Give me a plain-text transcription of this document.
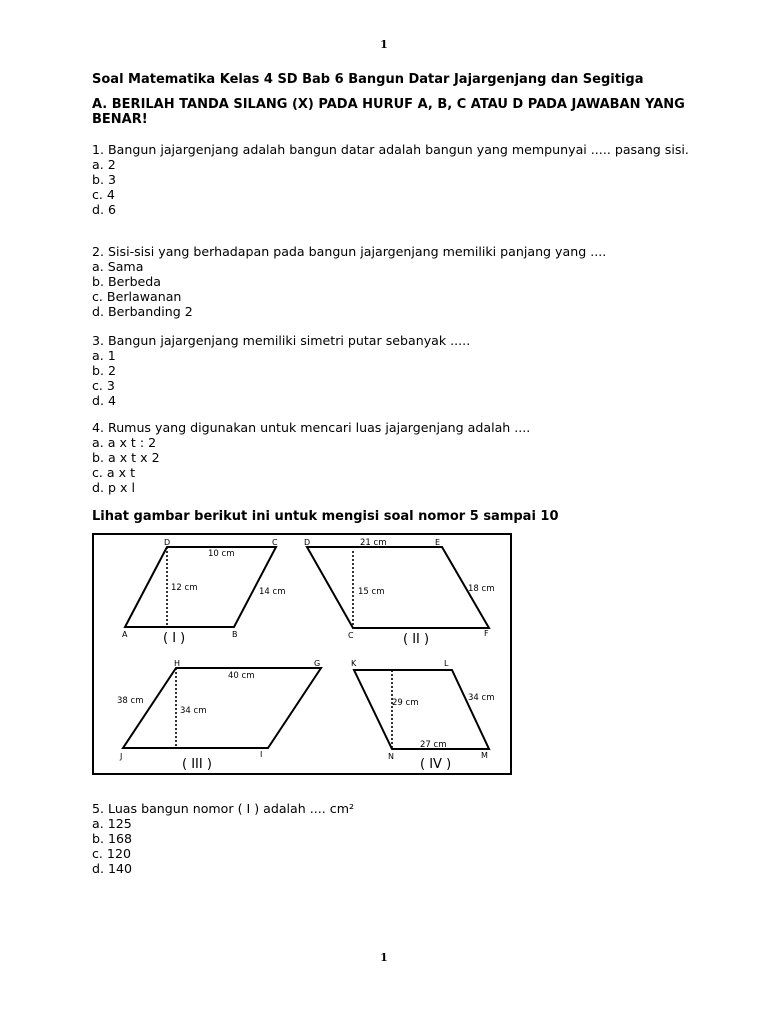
1
Soal Matematika Kelas 4 SD Bab 6 Bangun Datar Jajargenjang dan Segitiga
A. BERILAH TANDA SILANG (X) PADA HURUF A, B, C ATAU D PADA JAWABAN YANG BENAR!
1. Bangun jajargenjang adalah bangun datar adalah bangun yang mempunyai ..... pasang sisi.
a. 2
b. 3
c. 4
d. 6
2. Sisi-sisi yang berhadapan pada bangun jajargenjang memiliki panjang yang ....
a. Sama
b. Berbeda
c. Berlawanan
d. Berbanding 2
3. Bangun jajargenjang memiliki simetri putar sebanyak .....
a. 1
b. 2
c. 3
d. 4
4. Rumus yang digunakan untuk mencari luas jajargenjang adalah ....
a. a x t : 2
b. a x t x 2
c. a x t
d. p x l
Lihat gambar berikut ini untuk mengisi soal nomor 5 sampai 10
D	C
A	B
10 cm
12 cm	14 cm
( I )
D	E
C	F
21 cm
15 cm	18 cm
( II )
H	G
J	I
40 cm
38 cm
34 cm
( III )
K	L
N	M
29 cm	34 cm
27 cm
( IV )
5. Luas bangun nomor ( I ) adalah .... cm²
a. 125
b. 168
c. 120
d. 140
1
